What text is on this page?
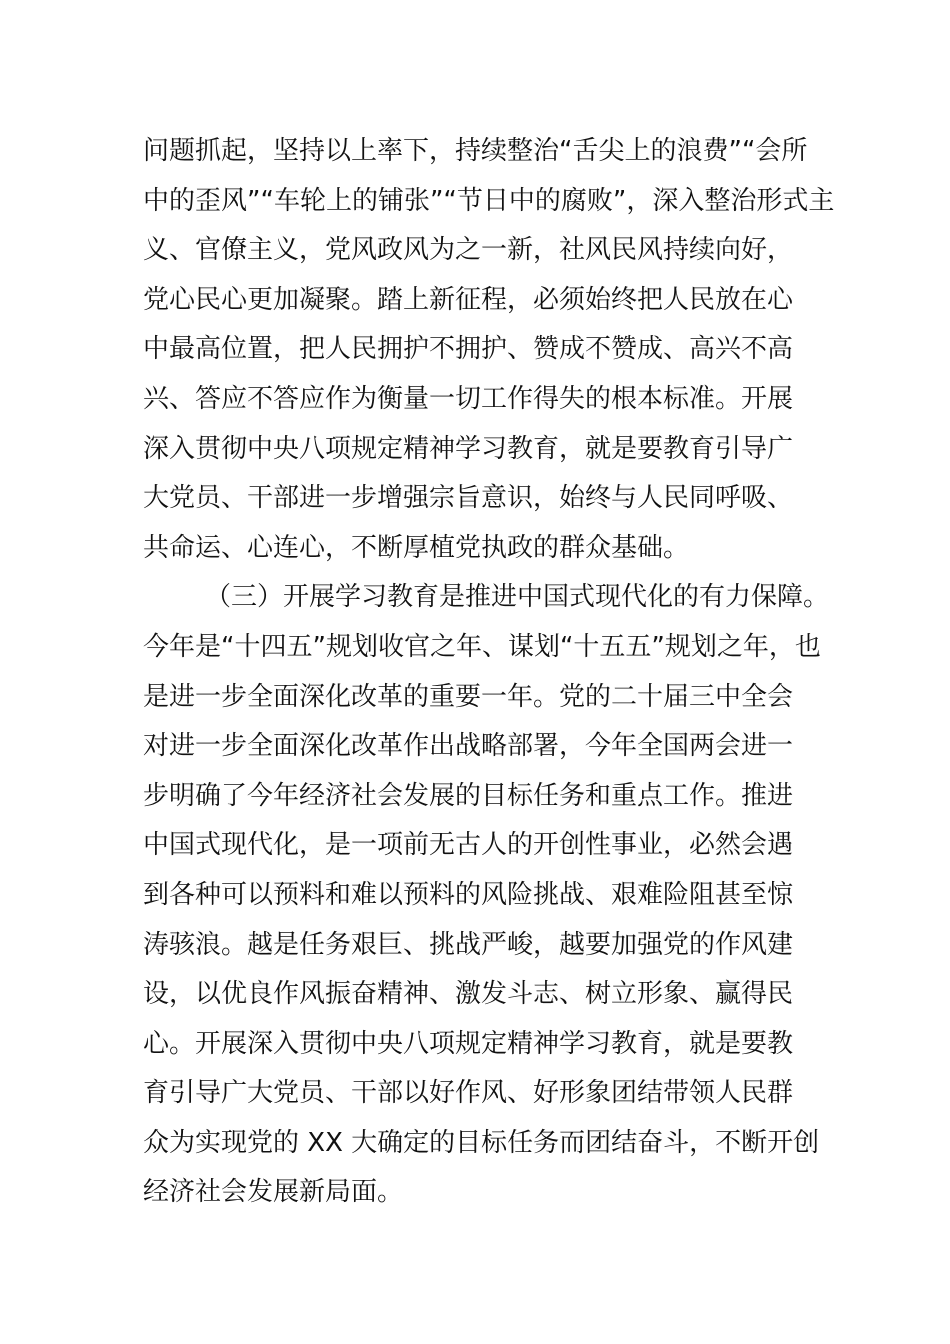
问题抓起，坚持以上率下，持续整治“舌尖上的浪费”“会所
中的歪风”“车轮上的铺张”“节日中的腐败”，深入整治形式主
义、官僚主义，党风政风为之一新，社风民风持续向好，
党心民心更加凝聚。踏上新征程，必须始终把人民放在心
中最高位置，把人民拥护不拥护、赞成不赞成、高兴不高
兴、答应不答应作为衡量一切工作得失的根本标准。开展
深入贯彻中央八项规定精神学习教育，就是要教育引导广
大党员、干部进一步增强宗旨意识，始终与人民同呼吸、
共命运、心连心，不断厚植党执政的群众基础。
（三）开展学习教育是推进中国式现代化的有力保障。
今年是“十四五”规划收官之年、谋划“十五五”规划之年，也
是进一步全面深化改革的重要一年。党的二十届三中全会
对进一步全面深化改革作出战略部署，今年全国两会进一
步明确了今年经济社会发展的目标任务和重点工作。推进
中国式现代化，是一项前无古人的开创性事业，必然会遇
到各种可以预料和难以预料的风险挑战、艰难险阻甚至惊
涛骇浪。越是任务艰巨、挑战严峻，越要加强党的作风建
设，以优良作风振奋精神、激发斗志、树立形象、赢得民
心。开展深入贯彻中央八项规定精神学习教育，就是要教
育引导广大党员、干部以好作风、好形象团结带领人民群
众为实现党的 XX 大确定的目标任务而团结奋斗，不断开创
经济社会发展新局面。
